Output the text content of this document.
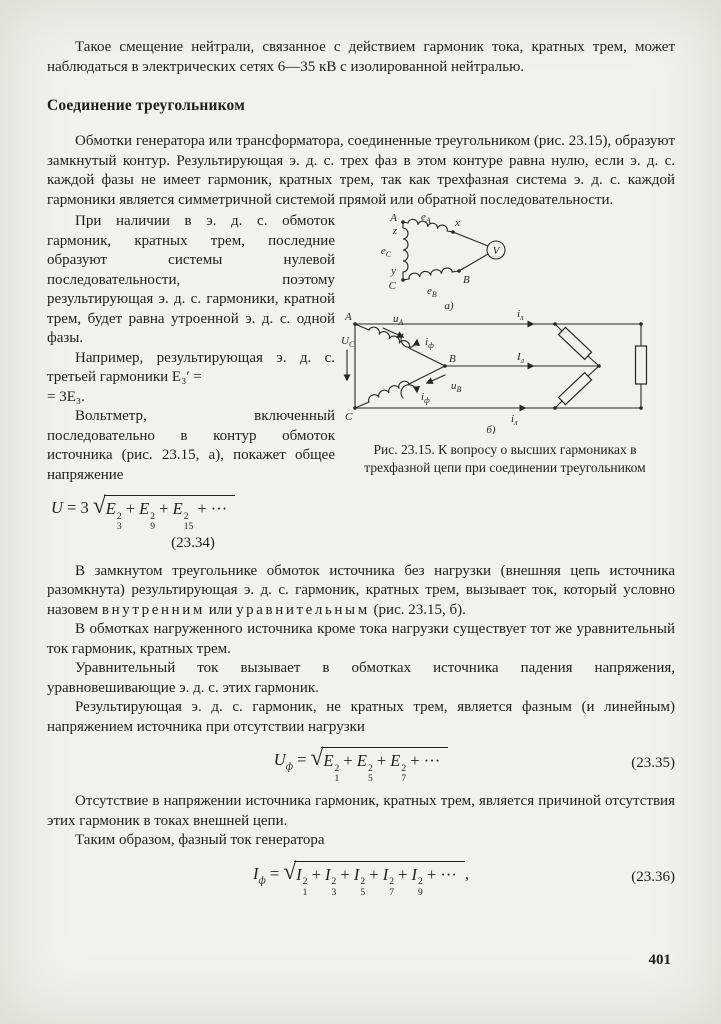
Такое смещение нейтрали, связанное с действием гармоник тока, кратных трем, может наблюдаться в электрических сетях 6—35 кВ с изолированной нейтралью.

Соединение треугольником

Обмотки генератора или трансформатора, соединенные треугольником (рис. 23.15), образуют замкнутый контур. Результирующая э. д. с. трех фаз в этом контуре равна нулю, если э. д. с. каждой фазы не имеет гармоник, кратных трем, так как трехфазная система э. д. с. каждой гармоники является симметричной системой прямой или обратной последовательности.

При наличии в э. д. с. обмоток гармоник, кратных трем, последние образуют системы нулевой последовательности, поэтому результирующая э. д. с. гармоники, кратной трем, будет равна утроенной э. д. с. одной фазы.

Например, результирующая э. д. с. третьей гармоники E₃′ =
= 3E₃.

Вольтметр, включенный последовательно в контур обмоток источника (рис. 23.15, а), покажет общее напряжение

U = 3 √ E 2
3
+ E 2
9
+ E 2
15
+ ···
(23.34)
A
z
$e_C$
y
C
$e_A$ x
$e_B$
B
V
а)
A
C
B
$u_A$
$i_ф$
$U_C$
$u_B$
$i_ф$
$i_л$
$I_л$
$i_л$
б)

Рис. 23.15. К вопросу о высших гармониках в трехфазной цепи при соединении треугольником

В замкнутом треугольнике обмоток источника без нагрузки (внешняя цепь источника разомкнута) результирующая э. д. с. гармоник, кратных трем, вызывает ток, который условно назовем внутренним или уравнительным (рис. 23.15, б).

В обмотках нагруженного источника кроме тока нагрузки существует тот же уравнительный ток гармоник, кратных трем.

Уравнительный ток вызывает в обмотках источника падения напряжения, уравновешивающие э. д. с. этих гармоник.

Результирующая э. д. с. гармоник, не кратных трем, является фазным (и линейным) напряжением источника при отсутствии нагрузки

$U_ф$ = √ E 2
1
+ E 2
5
+ E 2
7
+ ···	(23.35)

Отсутствие в напряжении источника гармоник, кратных трем, является причиной отсутствия этих гармоник в токах внешней цепи.

Таким образом, фазный ток генератора

$I_ф$ = √ I 2
1
+ I 2
3
+ I 2
5
+ I 2
7
+ I 2
9
+ ··· ,	(23.36)
401
